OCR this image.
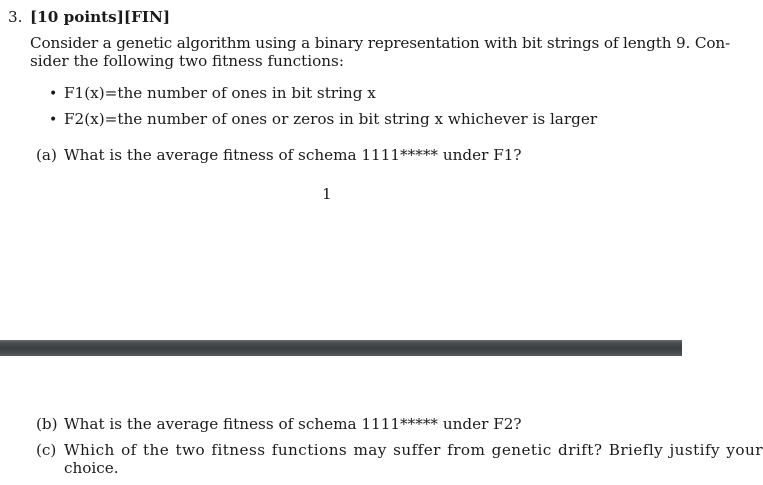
3. [10 points][FIN]
Consider a genetic algorithm using a binary representation with bit strings of length 9. Con-
sider the following two fitness functions:
• F1(x)=the number of ones in bit string x
• F2(x)=the number of ones or zeros in bit string x whichever is larger
(a) What is the average fitness of schema 1111***** under F1?
1
(b) What is the average fitness of schema 1111***** under F2?
(c) Which of the two fitness functions may suffer from genetic drift? Briefly justify your
choice.
